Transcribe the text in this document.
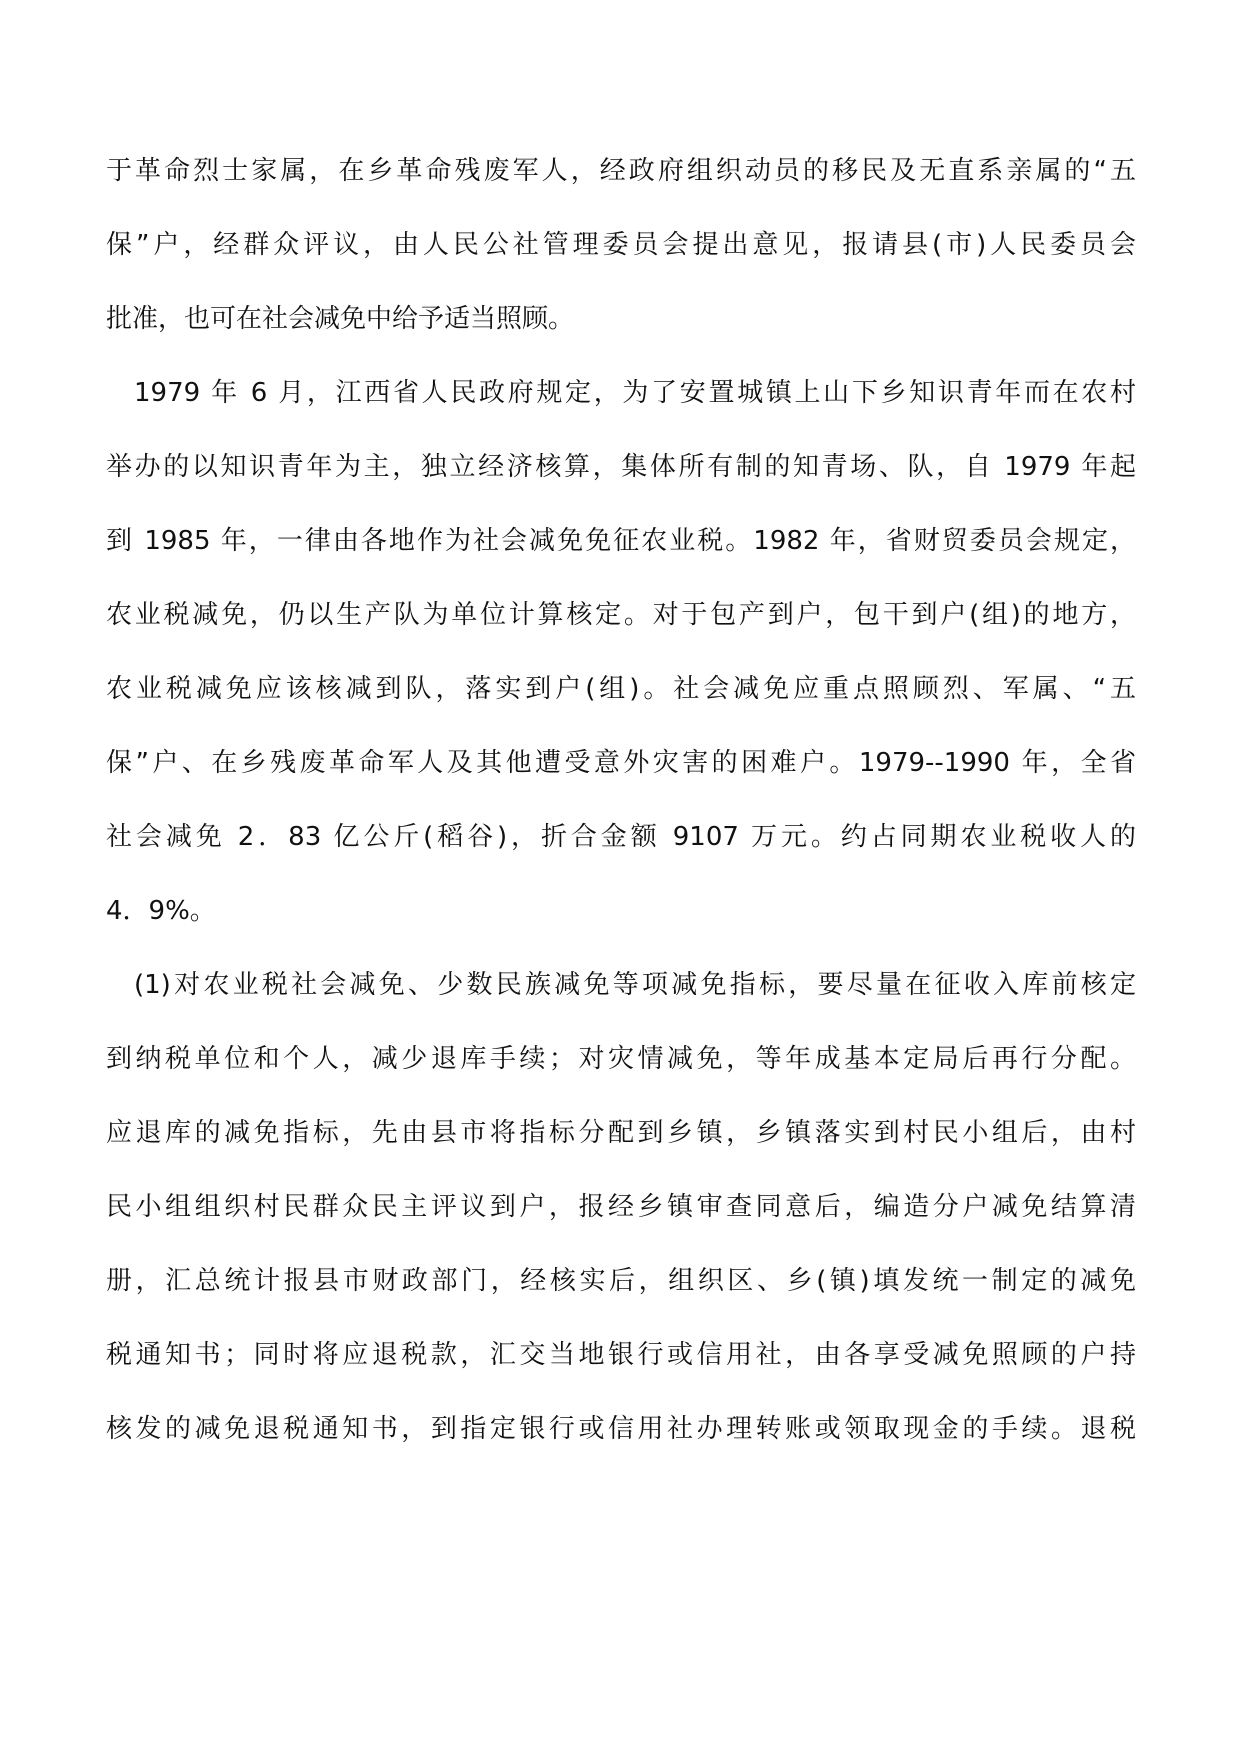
于革命烈士家属，在乡革命残废军人，经政府组织动员的移民及无直系亲属的“五
保”户，经群众评议，由人民公社管理委员会提出意见，报请县(市)人民委员会
批准，也可在社会减免中给予适当照顾。
1979 年 6 月，江西省人民政府规定，为了安置城镇上山下乡知识青年而在农村
举办的以知识青年为主，独立经济核算，集体所有制的知青场、队，自 1979 年起
到 1985 年，一律由各地作为社会减免免征农业税。1982 年，省财贸委员会规定，
农业税减免，仍以生产队为单位计算核定。对于包产到户，包干到户(组)的地方，
农业税减免应该核减到队，落实到户(组)。社会减免应重点照顾烈、军属、“五
保”户、在乡残废革命军人及其他遭受意外灾害的困难户。1979--1990 年，全省
社会减免 2．83 亿公斤(稻谷)，折合金额 9107 万元。约占同期农业税收人的
4．9%。
(1)对农业税社会减免、少数民族减免等项减免指标，要尽量在征收入库前核定
到纳税单位和个人，减少退库手续；对灾情减免，等年成基本定局后再行分配。
应退库的减免指标，先由县市将指标分配到乡镇，乡镇落实到村民小组后，由村
民小组组织村民群众民主评议到户，报经乡镇审查同意后，编造分户减免结算清
册，汇总统计报县市财政部门，经核实后，组织区、乡(镇)填发统一制定的减免
税通知书；同时将应退税款，汇交当地银行或信用社，由各享受减免照顾的户持
核发的减免退税通知书，到指定银行或信用社办理转账或领取现金的手续。退税
